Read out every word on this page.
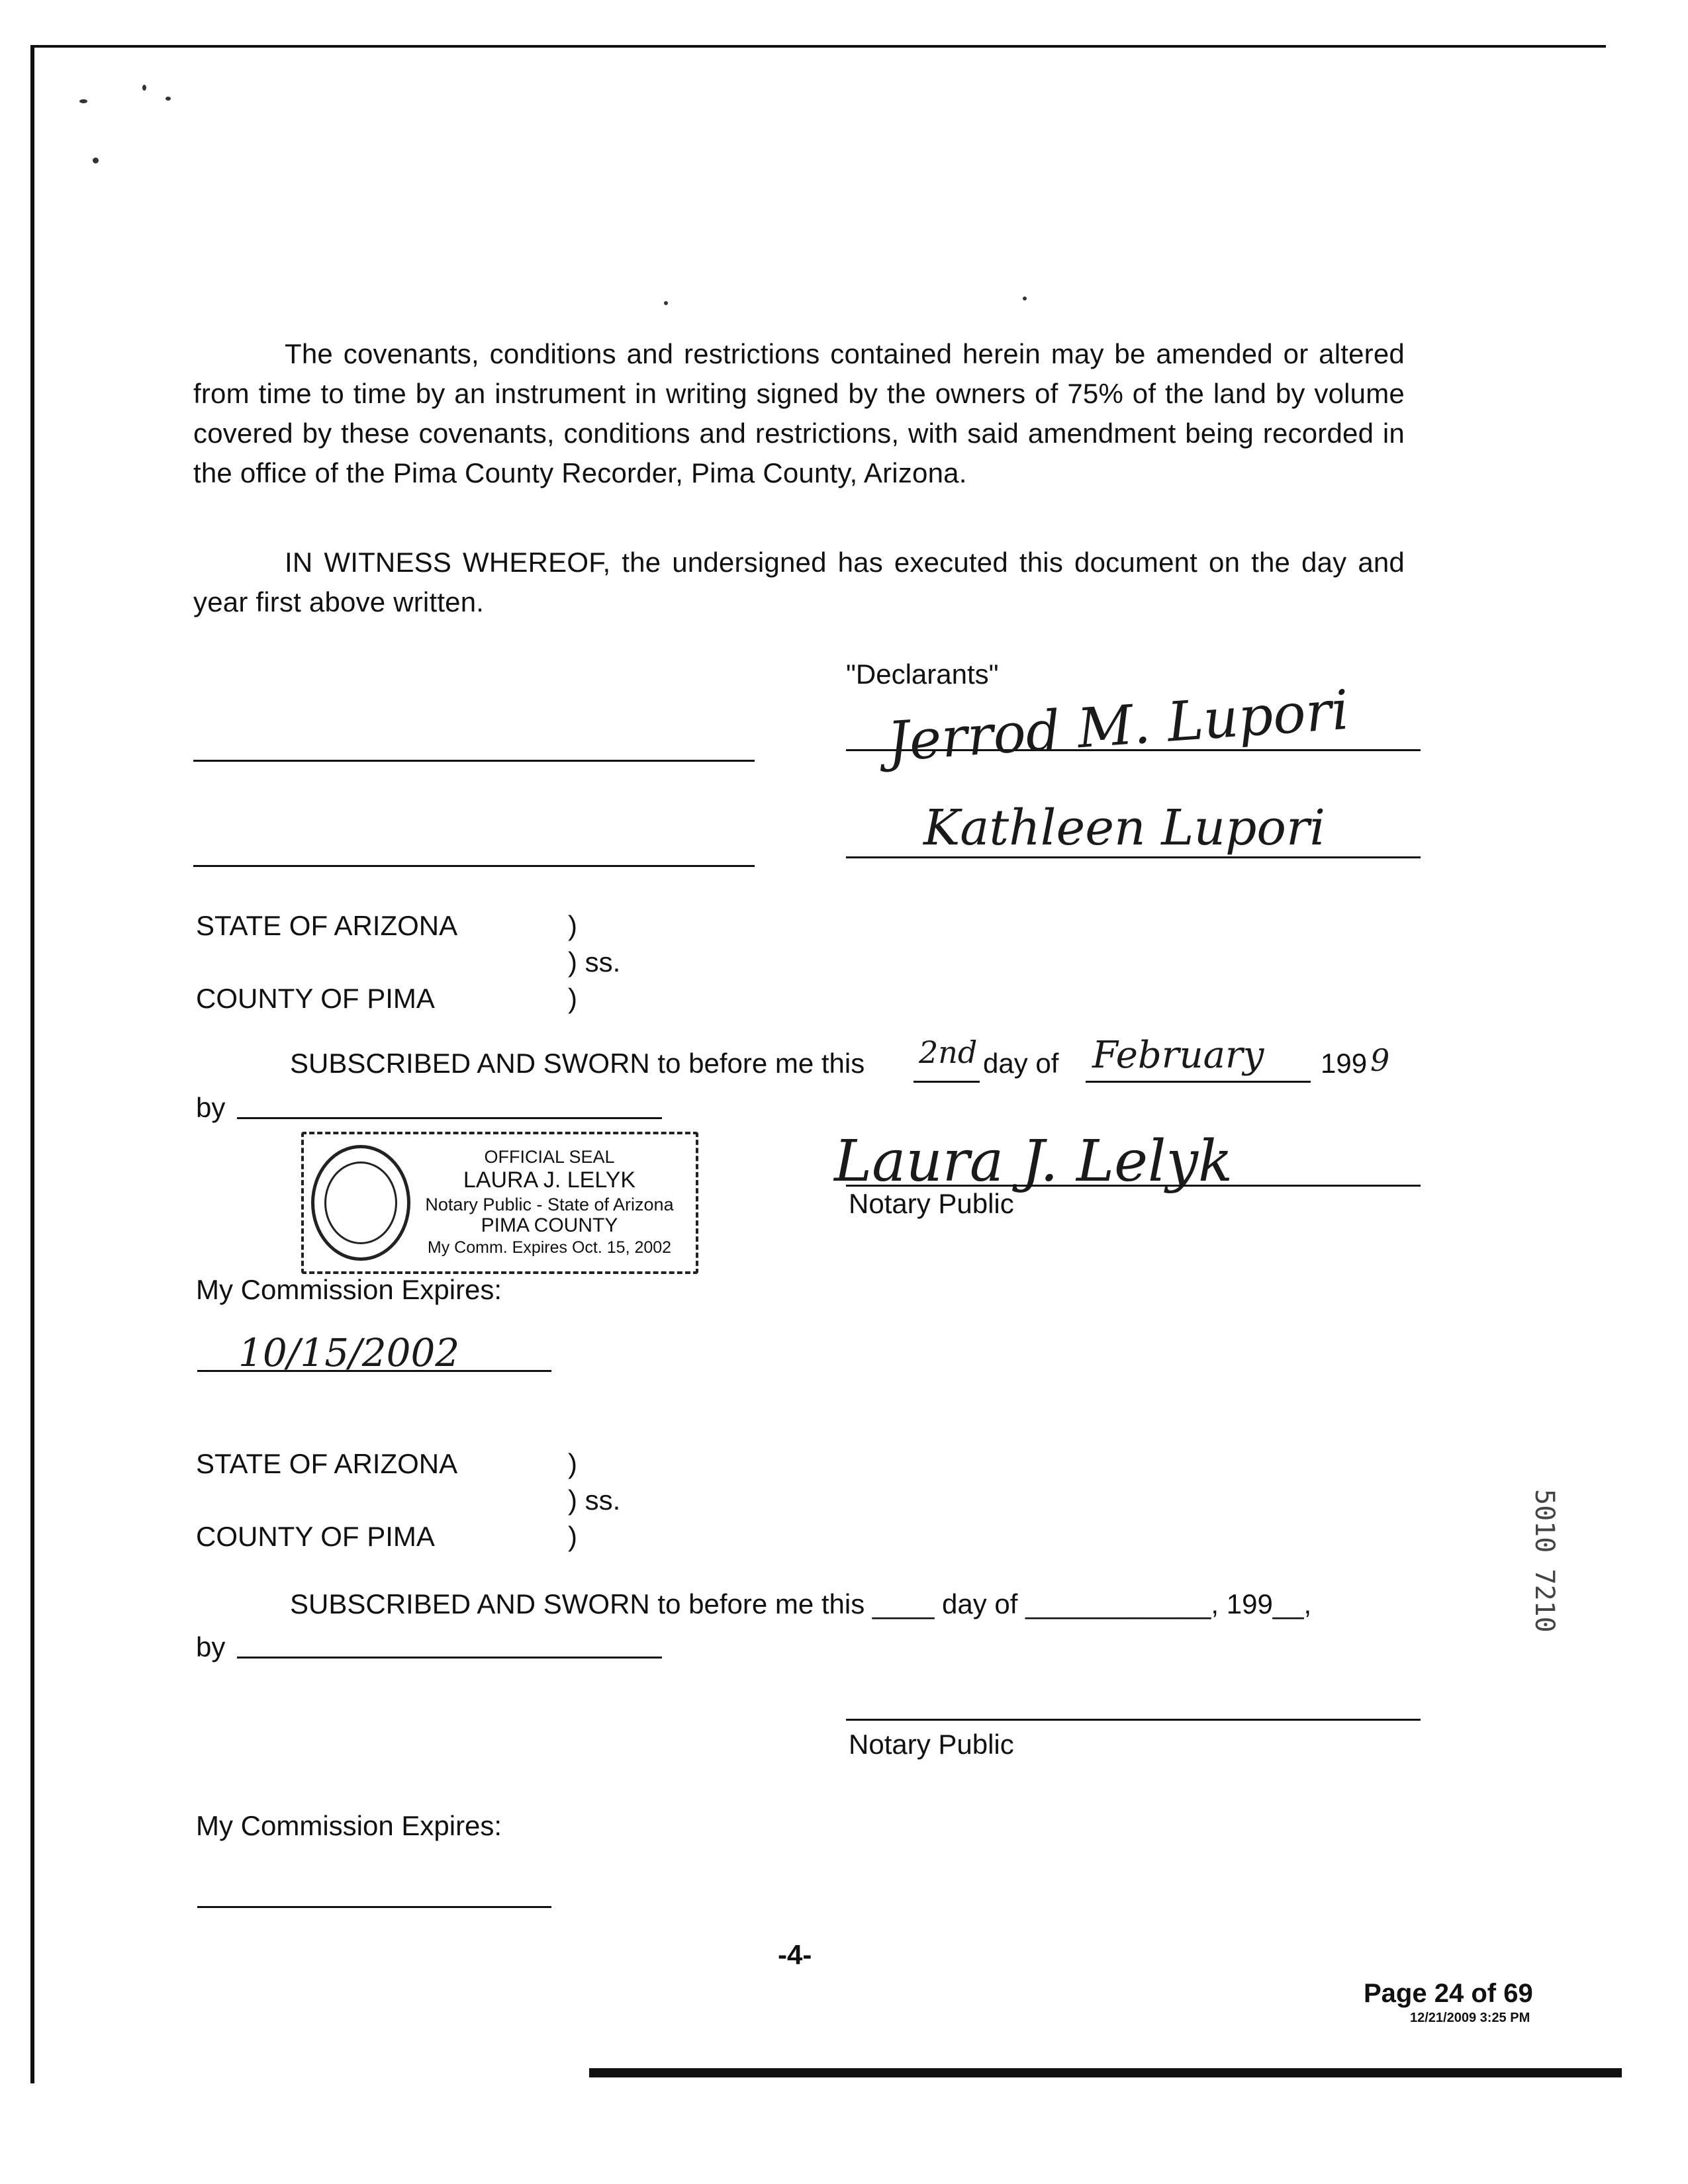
The covenants, conditions and restrictions contained herein may be amended or altered from time to time by an instrument in writing signed by the owners of 75% of the land by volume covered by these covenants, conditions and restrictions, with said amendment being recorded in the office of the Pima County Recorder, Pima County, Arizona.
IN WITNESS WHEREOF, the undersigned has executed this document on the day and year first above written.
"Declarants"
Jerrod M. Lupori
Kathleen Lupori
STATE OF ARIZONA	)
) ss.
COUNTY OF PIMA	)
SUBSCRIBED AND SWORN to before me this 2nd day of February 199 9
by
OFFICIAL SEAL
LAURA J. LELYK
Notary Public - State of Arizona
PIMA COUNTY
My Comm. Expires Oct. 15, 2002
Laura J. Lelyk
Notary Public
My Commission Expires:
10/15/2002
STATE OF ARIZONA	)
) ss.
COUNTY OF PIMA	)
SUBSCRIBED AND SWORN to before me this ____ day of ____________, 199__,
by
Notary Public
My Commission Expires:
5010 7210
-4-
Page 24 of 69
12/21/2009 3:25 PM
